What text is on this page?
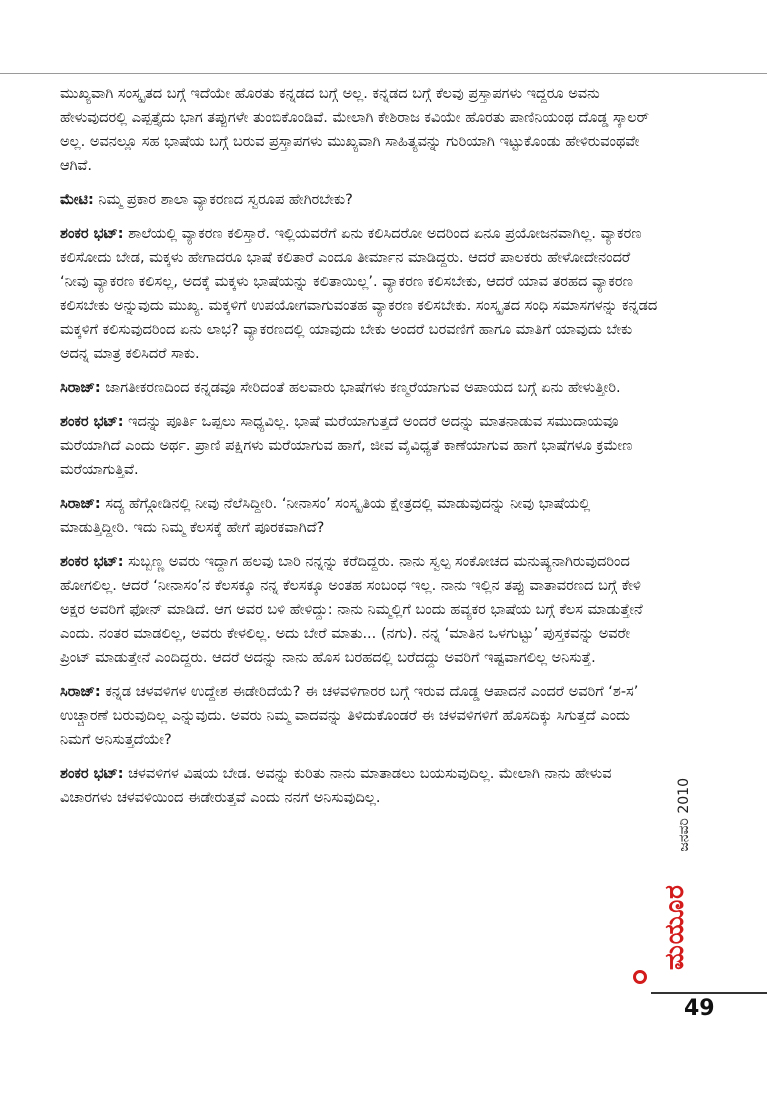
ಮುಖ್ಯವಾಗಿ ಸಂಸ್ಕೃತದ ಬಗ್ಗೆ ಇದೆಯೇ ಹೊರತು ಕನ್ನಡದ ಬಗ್ಗೆ ಅಲ್ಲ. ಕನ್ನಡದ ಬಗ್ಗೆ ಕೆಲವು ಪ್ರಸ್ತಾಪಗಳು ಇದ್ದರೂ ಅವನು ಹೇಳುವುದರಲ್ಲಿ ಎಪ್ಪತ್ತೈದು ಭಾಗ ತಪ್ಪುಗಳೇ ತುಂಬಿಕೊಂಡಿವೆ. ಮೇಲಾಗಿ ಕೇಶಿರಾಜ ಕವಿಯೇ ಹೊರತು ಪಾಣಿನಿಯಂಥ ದೊಡ್ಡ ಸ್ಕಾಲರ್ ಅಲ್ಲ. ಅವನಲ್ಲೂ ಸಹ ಭಾಷೆಯ ಬಗ್ಗೆ ಬರುವ ಪ್ರಸ್ತಾಪಗಳು ಮುಖ್ಯವಾಗಿ ಸಾಹಿತ್ಯವನ್ನು ಗುರಿಯಾಗಿ ಇಟ್ಟುಕೊಂಡು ಹೇಳಿರುವಂಥವೇ ಆಗಿವೆ.

ಮೇಟಿ: ನಿಮ್ಮ ಪ್ರಕಾರ ಶಾಲಾ ವ್ಯಾಕರಣದ ಸ್ವರೂಪ ಹೇಗಿರಬೇಕು?

ಶಂಕರ ಭಟ್: ಶಾಲೆಯಲ್ಲಿ ವ್ಯಾಕರಣ ಕಲಿಸ್ತಾರೆ. ಇಲ್ಲಿಯವರೆಗೆ ಏನು ಕಲಿಸಿದರೋ ಅದರಿಂದ ಏನೂ ಪ್ರಯೋಜನವಾಗಿಲ್ಲ. ವ್ಯಾಕರಣ ಕಲಿಸೋದು ಬೇಡ, ಮಕ್ಕಳು ಹೇಗಾದರೂ ಭಾಷೆ ಕಲಿತಾರೆ ಎಂದೂ ತೀರ್ಮಾನ ಮಾಡಿದ್ದರು. ಆದರೆ ಪಾಲಕರು ಹೇಳೋದೇನಂದರೆ ‘ನೀವು ವ್ಯಾಕರಣ ಕಲಿಸಲ್ಲ, ಅದಕ್ಕೆ ಮಕ್ಕಳು ಭಾಷೆಯನ್ನು ಕಲಿತಾಯಿಲ್ಲ’. ವ್ಯಾಕರಣ ಕಲಿಸಬೇಕು, ಆದರೆ ಯಾವ ತರಹದ ವ್ಯಾಕರಣ ಕಲಿಸಬೇಕು ಅನ್ನುವುದು ಮುಖ್ಯ. ಮಕ್ಕಳಿಗೆ ಉಪಯೋಗವಾಗುವಂತಹ ವ್ಯಾಕರಣ ಕಲಿಸಬೇಕು. ಸಂಸ್ಕೃತದ ಸಂಧಿ ಸಮಾಸಗಳನ್ನು ಕನ್ನಡದ ಮಕ್ಕಳಿಗೆ ಕಲಿಸುವುದರಿಂದ ಏನು ಲಾಭ? ವ್ಯಾಕರಣದಲ್ಲಿ ಯಾವುದು ಬೇಕು ಅಂದರೆ ಬರವಣಿಗೆ ಹಾಗೂ ಮಾತಿಗೆ ಯಾವುದು ಬೇಕು ಅದನ್ನ ಮಾತ್ರ ಕಲಿಸಿದರೆ ಸಾಕು.

ಸಿರಾಜ್: ಜಾಗತೀಕರಣದಿಂದ ಕನ್ನಡವೂ ಸೇರಿದಂತೆ ಹಲವಾರು ಭಾಷೆಗಳು ಕಣ್ಮರೆಯಾಗುವ ಅಪಾಯದ ಬಗ್ಗೆ ಏನು ಹೇಳುತ್ತೀರಿ.

ಶಂಕರ ಭಟ್: ಇದನ್ನು ಪೂರ್ತಿ ಒಪ್ಪಲು ಸಾಧ್ಯವಿಲ್ಲ. ಭಾಷೆ ಮರೆಯಾಗುತ್ತದೆ ಅಂದರೆ ಅದನ್ನು ಮಾತನಾಡುವ ಸಮುದಾಯವೂ ಮರೆಯಾಗಿದೆ ಎಂದು ಅರ್ಥ. ಪ್ರಾಣಿ ಪಕ್ಷಿಗಳು ಮರೆಯಾಗುವ ಹಾಗೆ, ಜೀವ ವೈವಿಧ್ಯತೆ ಕಾಣೆಯಾಗುವ ಹಾಗೆ ಭಾಷೆಗಳೂ ಕ್ರಮೇಣ ಮರೆಯಾಗುತ್ತಿವೆ.

ಸಿರಾಜ್: ಸದ್ಯ ಹೆಗ್ಗೋಡಿನಲ್ಲಿ ನೀವು ನೆಲೆಸಿದ್ದೀರಿ. ‘ನೀನಾಸಂ’ ಸಂಸ್ಕೃತಿಯ ಕ್ಷೇತ್ರದಲ್ಲಿ ಮಾಡುವುದನ್ನು ನೀವು ಭಾಷೆಯಲ್ಲಿ ಮಾಡುತ್ತಿದ್ದೀರಿ. ಇದು ನಿಮ್ಮ ಕೆಲಸಕ್ಕೆ ಹೇಗೆ ಪೂರಕವಾಗಿದೆ?

ಶಂಕರ ಭಟ್: ಸುಬ್ಬಣ್ಣ ಅವರು ಇದ್ದಾಗ ಹಲವು ಬಾರಿ ನನ್ನನ್ನು ಕರೆದಿದ್ದರು. ನಾನು ಸ್ವಲ್ಪ ಸಂಕೋಚದ ಮನುಷ್ಯನಾಗಿರುವುದರಿಂದ ಹೋಗಲಿಲ್ಲ. ಆದರೆ ‘ನೀನಾಸಂ’ನ ಕೆಲಸಕ್ಕೂ ನನ್ನ ಕೆಲಸಕ್ಕೂ ಅಂತಹ ಸಂಬಂಧ ಇಲ್ಲ. ನಾನು ಇಲ್ಲಿನ ತಪ್ಪು ವಾತಾವರಣದ ಬಗ್ಗೆ ಕೇಳಿ ಅಕ್ಷರ ಅವರಿಗೆ ಫೋನ್ ಮಾಡಿದೆ. ಆಗ ಅವರ ಬಳಿ ಹೇಳಿದ್ದು: ನಾನು ನಿಮ್ಮಲ್ಲಿಗೆ ಬಂದು ಹವ್ಯಕರ ಭಾಷೆಯ ಬಗ್ಗೆ ಕೆಲಸ ಮಾಡುತ್ತೇನೆ ಎಂದು. ನಂತರ ಮಾಡಲಿಲ್ಲ, ಅವರು ಕೇಳಲಿಲ್ಲ. ಅದು ಬೇರೆ ಮಾತು... (ನಗು). ನನ್ನ ‘ಮಾತಿನ ಒಳಗುಟ್ಟು’ ಪುಸ್ತಕವನ್ನು ಅವರೇ ಪ್ರಿಂಟ್ ಮಾಡುತ್ತೇನೆ ಎಂದಿದ್ದರು. ಆದರೆ ಅದನ್ನು ನಾನು ಹೊಸ ಬರಹದಲ್ಲಿ ಬರೆದದ್ದು ಅವರಿಗೆ ಇಷ್ಟವಾಗಲಿಲ್ಲ ಅನಿಸುತ್ತೆ.

ಸಿರಾಜ್: ಕನ್ನಡ ಚಳವಳಿಗಳ ಉದ್ದೇಶ ಈಡೇರಿದೆಯೆ? ಈ ಚಳವಳಿಗಾರರ ಬಗ್ಗೆ ಇರುವ ದೊಡ್ಡ ಆಪಾದನೆ ಎಂದರೆ ಅವರಿಗೆ ‘ಶ-ಸ’ ಉಚ್ಚಾರಣೆ ಬರುವುದಿಲ್ಲ ಎನ್ನುವುದು. ಅವರು ನಿಮ್ಮ ವಾದವನ್ನು ತಿಳಿದುಕೊಂಡರೆ ಈ ಚಳವಳಿಗಳಿಗೆ ಹೊಸದಿಕ್ಕು ಸಿಗುತ್ತದೆ ಎಂದು ನಿಮಗೆ ಅನಿಸುತ್ತದೆಯೇ?

ಶಂಕರ ಭಟ್: ಚಳವಳಿಗಳ ವಿಷಯ ಬೇಡ. ಅವನ್ನು ಕುರಿತು ನಾನು ಮಾತಾಡಲು ಬಯಸುವುದಿಲ್ಲ. ಮೇಲಾಗಿ ನಾನು ಹೇಳುವ ವಿಚಾರಗಳು ಚಳವಳಿಯಿಂದ ಈಡೇರುತ್ತವೆ ಎಂದು ನನಗೆ ಅನಿಸುವುದಿಲ್ಲ.	ಜನವರಿ 2010
ಮಯೂರ
49
